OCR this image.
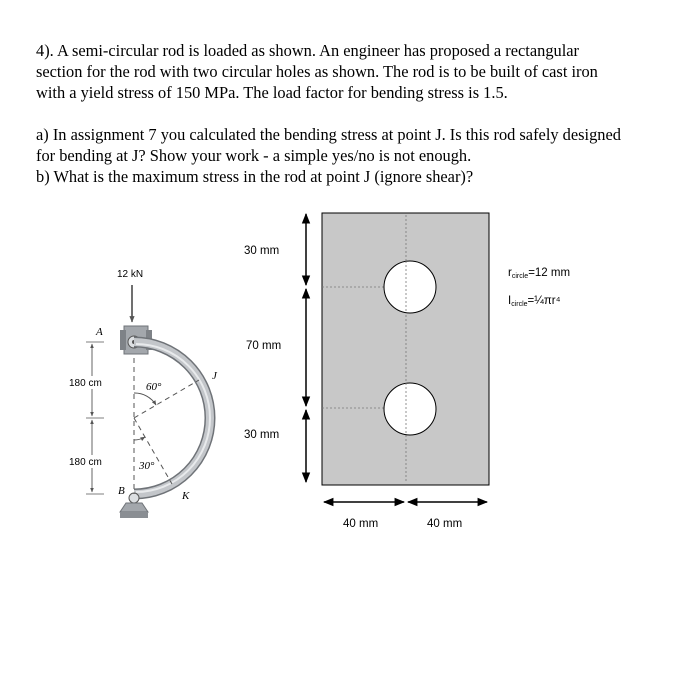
4). A semi-circular rod is loaded as shown. An engineer has proposed a rectangular
section for the rod with two circular holes as shown. The rod is to be built of cast iron
with a yield stress of 150 MPa. The load factor for bending stress is 1.5.

a) In assignment 7 you calculated the bending stress at point J. Is this rod safely designed
for bending at J? Show your work - a simple yes/no is not enough.
b) What is the maximum stress in the rod at point J (ignore shear)?

12 kN
60°
30°
A
B
J
K
180 cm
180 cm
30 mm
70 mm
30 mm
40 mm	40 mm
rcircle=12 mm
Icircle=¼πr⁴
